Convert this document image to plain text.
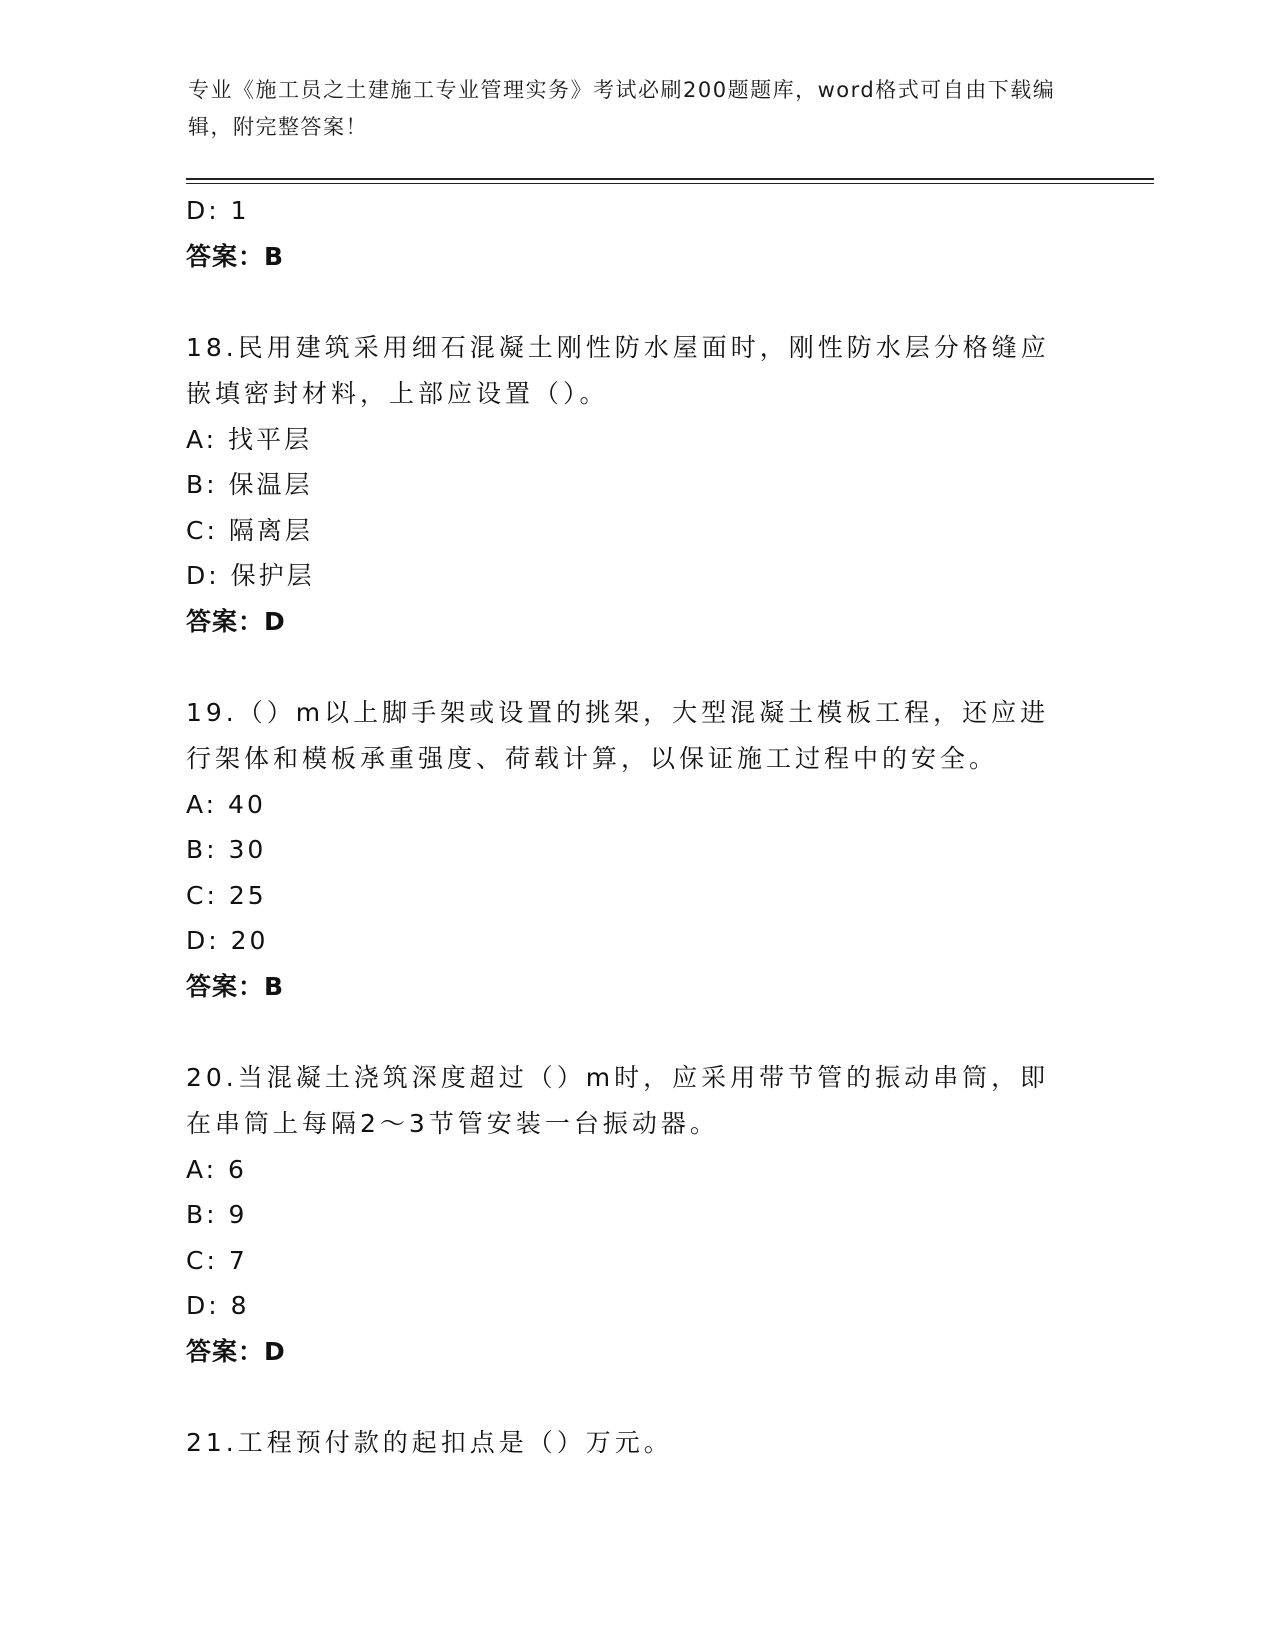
专业《施工员之土建施工专业管理实务》考试必刷200题题库，word格式可自由下载编辑，附完整答案！
D: 1
答案：B
18.民用建筑采用细石混凝土刚性防水屋面时，刚性防水层分格缝应嵌填密封材料，上部应设置（）。
A: 找平层
B: 保温层
C: 隔离层
D: 保护层
答案：D
19.（）m以上脚手架或设置的挑架，大型混凝土模板工程，还应进行架体和模板承重强度、荷载计算，以保证施工过程中的安全。
A: 40
B: 30
C: 25
D: 20
答案：B
20.当混凝土浇筑深度超过（）m时，应采用带节管的振动串筒，即在串筒上每隔2～3节管安装一台振动器。
A: 6
B: 9
C: 7
D: 8
答案：D
21.工程预付款的起扣点是（）万元。
